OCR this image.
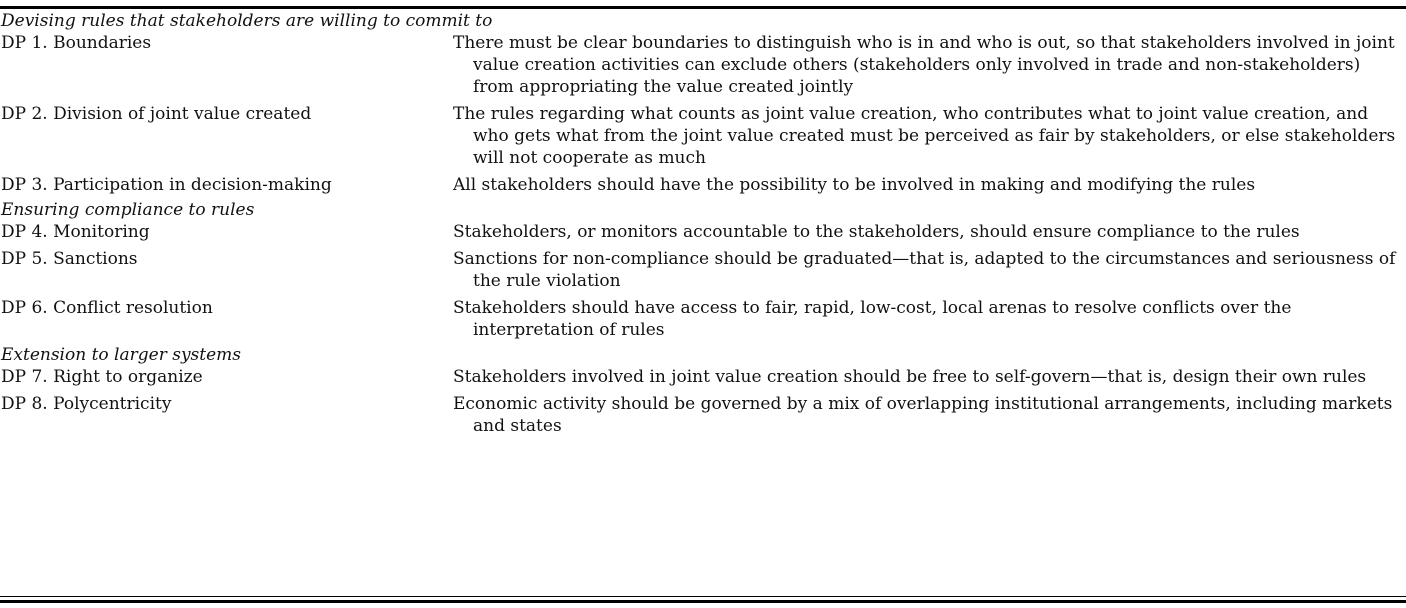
Devising rules that stakeholders are willing to commit to
DP 1. Boundaries	There must be clear boundaries to distinguish who is in and who is out, so that stakeholders involved in joint value creation activities can exclude others (stakeholders only involved in trade and non-stakeholders) from appropriating the value created jointly
DP 2. Division of joint value created	The rules regarding what counts as joint value creation, who contributes what to joint value creation, and who gets what from the joint value created must be perceived as fair by stakeholders, or else stakeholders will not cooperate as much
DP 3. Participation in decision-making	All stakeholders should have the possibility to be involved in making and modifying the rules
Ensuring compliance to rules
DP 4. Monitoring	Stakeholders, or monitors accountable to the stakeholders, should ensure compliance to the rules
DP 5. Sanctions	Sanctions for non-compliance should be graduated—that is, adapted to the circumstances and seriousness of the rule violation
DP 6. Conflict resolution	Stakeholders should have access to fair, rapid, low-cost, local arenas to resolve conflicts over the interpretation of rules
Extension to larger systems
DP 7. Right to organize	Stakeholders involved in joint value creation should be free to self-govern—that is, design their own rules
DP 8. Polycentricity	Economic activity should be governed by a mix of overlapping institutional arrangements, including markets and states
